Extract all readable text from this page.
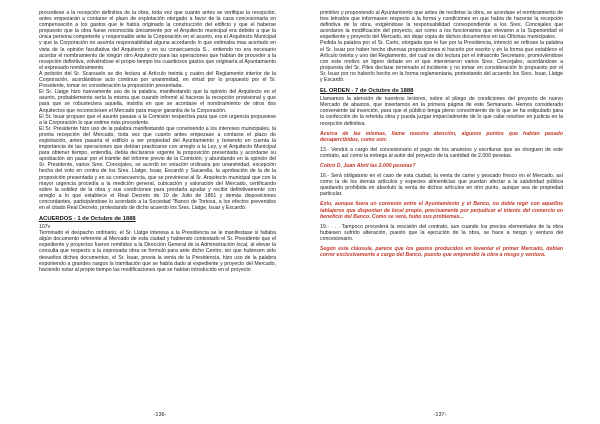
procediese a la recepción definitiva de la obra, toda vez que cuanto antes se verifique la recepción, antes empezarán a contarse el plazo de explotación otorgado a favor de la casa concesionaria en compensación a los gastos que le había originado la construcción del edificio y que el haberse propuesto que la obra fuese reconocida únicamente por el Arquitecto municipal era debido a que la única persona competente y responsable ante la Corporación en el asunto, era el Arquitecto Municipal y que la Corporación no asumía responsabilidad alguna acordando lo que estimaba mas acertado en vista de la opinión facultativa del Arquitecto y en su consecuencia S... entiendo no era necesario acordar el nombramiento de ningún otro Arquitecto para las operaciones que habían de proceder a la recepción definitiva, volviéndose el propio tiempo los cuantiosos gastos que originaría al Ayuntamiento el expresado nombramiento.

A petición del Sr. Scarsuelo se dio lectura al Artículo treinta y cuatro del Reglamento interior de la Corporación, acordándose acto continuo por unanimidad, en virtud por lo propuesto por el Sr. Presidente, tomar en consideración la proposición presentada.

El Sr. Llatge hizo nuevamente uso de la palabra, manifestando que la opinión del Arquitecto en el asunto, probablemente sería la misma que cuando informó al hacerse la recepción provisional y que para que se robusteciera aquella, insistía en que se acordase el nombramiento de otros dos Arquitectos que reconociesen el Mercado para mayor garantía de la Corporación.

El Sr. Isuar propuso que el asunto pasase a la Comisión respectiva para que con urgencia propusiese a la Corporación lo que estime más procedente.

El Sr. Presidente hizo uso de la palabra manifestando que conviniendo a los intereses municipales, la pronta recepción del Mercado, toda vez que cuanto antes empezase a contarse el plazo de explotación, antes pasaría el edificio a ser propiedad del Ayuntamiento y teniendo en cuenta la importancia de las operaciones que debían practicarse con arreglo a la Ley, y el Arquitecto Municipal para obtener tiempo, entendía, debía declararse urgente la proposición presentada y acordarse su aprobación sin pasar por el trámite del informe previo de la Comisión; y abundando en la opinión del Sr. Presidente, varios Sres. Concejales, se acordó en votación ordinaria por unanimidad, excepción hecha del voto en contra de los Sres. Llatge, Isuar, Escardó y Sacarella, la aprobación de la de la proposición presentada y en su consecuencia, que se previniese al Sr. Arquitecto municipal que con la mayor urgencia procedía a la medición general, cubicación y valoración del Mercado, certificando sobre la solidez de la obra y sus condiciones para prestarla ayudar y recibir definitivamente con arreglo a lo que establece el Real Decreto de 10 de Julio de 1861 y demás disposiciones concordantes, participándose lo acordado a la Sociedad "Banco de Tortosa, a los efectos prevenidos en el citado Real Decreto, protestando de dicho acuerdo los Sres. Llatge, Isuar y Escardó.

ACUERDOS - 1 de Octubre de 1888

107v

Terminado el despacho ordinario, el Sr. Llatge interesa a la Presidencia se le manifestase si faltaba algún documento referente al Mercado de esta ciudad y habiendo contestado el Sr. Presidente que el expediente y proyectos fueron remitidos a la Dirección General de la Administración local, al elevar la consulta que respecto a la expresada obra se formuló para ante dicho Centro, sin que hubiesen sido devueltos dichos documentos, el Sr. Isuar, previa la venia de la Presidencia, hizo uso de la palabra exponiendo a grandes rasgos la tramitación que se había dado al expediente y proyecto del Mercado, haciendo notar al propio tiempo las modificaciones que se habían introducido en el proyecto

-136-

primitivo y proponiendo al Ayuntamiento que antes de recibirse la obra, se acordase el nombramiento de tres letrados que informasen respecto a la forma y condiciones en que había de hacerse la recepción definitiva de la obra, exigiéndose la responsabilidad correspondiente a los Sres. Concejales que acordaron la modificación del proyecto, así como a los funcionarios que elevaron a la Superioridad el expediente y proyecto del Mercado, sin dejar copia de dichos documentos en las Oficinas municipales.

Pedida la palabra por el Sr. Curto, otorgada que le fue por la Presidencia, intenció se refirase la palabra el Sr. Isuar por haber hecho diversas proposiciones si hacerlo por escrito y en la forma que establece el Artículo treinta y uno del Reglamento, del cual se dió lectura por el infrascrito Secretario, promoviéndose con este motivo un ligero debate en el que intervinieron varios Sres. Concejales, acordándose a propuesta del Sr. Piles declarar terminado el incidente y no tomar en consideración lo propuesto por el Sr. Isuar por no haberlo hecho en la forma reglamentaria, protestando del acuerdo los Sres. Isuar, Llatge y Escardó.

EL ORDEN - 7 de Octubre de 1888

Llamamos la atención de nuestros lectores, sobre el pliego de condiciones del proyecto de nuevo Mercado de abastos, que insertamos en la primera página de este Semanario. Hemos considerado conveniente tal inserción, para que el público tenga pleno conocimiento de lo que se ha estipulado para la confección de la referida obra y pueda juzgar imparcialmente de lo que cabe resolver en justicia en la recepción definitiva.

Acerca de las mismas, llama nuestra atención, algunos puntos que habían pasado desapercibidos, como son:

13.- Vendrá a cargo del concesionario el pago de los anuncios y escrituras que se otorguen de este contrato, así como la entrega al autor del proyecto de la cantidad de 2.000 pesetas.

Cobró D. Juan Abril las 2.000 pesetas?

16.- Será obligatorio en el caso de esta ciudad, la venta de carne y pescado fresco en el Mercado, así como la de los demás artículos y especies alimenticias que puedan afectar a la salubridad pública quedando prohibida en absoluto la venta de dichos artículos en otro punto, aunque sea de propiedad particular.

Esto, aunque fuera un convenio entre el Ayuntamiento y el Banco, no debía regir con aquellos tablajeros que disponían de local propio, precisamente por perjudicar el interés del comercio en beneficio del Banco. Como se verá, hubo sus problemas...

19.- . . . Tampoco procederá la rescisión del contrato, aun cuando los precios elementales de la obra hubiesen sufrido alteración, puesto que la ejecución de la obra, se hace a riesgo y ventura del concesionario.

Según esta cláusula, parece que los gastos producidos en levantar el primer Mercado, debían correr exclusivamente a cargo del Banco, puesto que emprendió la obra a riesgo y ventura.

-137-
